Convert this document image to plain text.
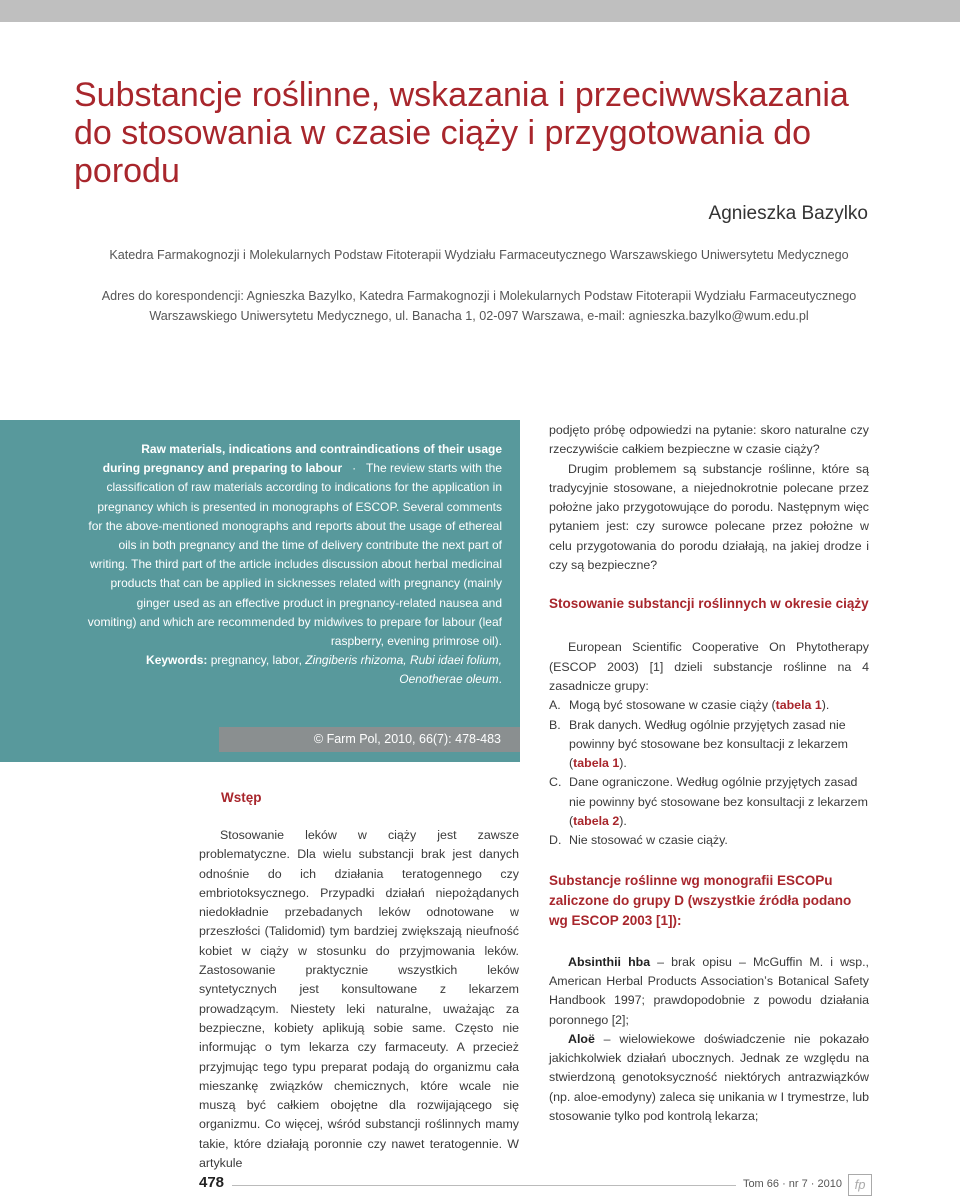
Substancje roślinne, wskazania i przeciwwskazania do stosowania w czasie ciąży i przygotowania do porodu
Agnieszka Bazylko
Katedra Farmakognozji i Molekularnych Podstaw Fitoterapii Wydziału Farmaceutycznego Warszawskiego Uniwersytetu Medycznego
Adres do korespondencji: Agnieszka Bazylko, Katedra Farmakognozji i Molekularnych Podstaw Fitoterapii Wydziału Farmaceutycznego
Warszawskiego Uniwersytetu Medycznego, ul. Banacha 1, 02-097 Warszawa, e-mail: agnieszka.bazylko@wum.edu.pl
Raw materials, indications and contraindications of their usage
during pregnancy and preparing to labour · The review starts with the classification of raw materials according to indications for the application in pregnancy which is presented in monographs of ESCOP. Several comments for the above-mentioned monographs and reports about the usage of ethereal oils in both pregnancy and the time of delivery contribute the next part of writing. The third part of the article includes discussion about herbal medicinal products that can be applied in sicknesses related with pregnancy (mainly ginger used as an effective product in pregnancy-related nausea and vomiting) and which are recommended by midwives to prepare for labour (leaf raspberry, evening primrose oil).
Keywords: pregnancy, labor, Zingiberis rhizoma, Rubi idaei folium, Oenotherae oleum.
© Farm Pol, 2010, 66(7): 478-483
Wstęp

Stosowanie leków w ciąży jest zawsze problematyczne. Dla wielu substancji brak jest danych odnośnie do ich działania teratogennego czy embriotoksycznego. Przypadki działań niepożądanych niedokładnie przebadanych leków odnotowane w przeszłości (Talidomid) tym bardziej zwiększają nieufność kobiet w ciąży w stosunku do przyjmowania leków. Zastosowanie praktycznie wszystkich leków syntetycznych jest konsultowane z lekarzem prowadzącym. Niestety leki naturalne, uważając za bezpieczne, kobiety aplikują sobie same. Często nie informując o tym lekarza czy farmaceuty. A przecież przyjmując tego typu preparat podają do organizmu cała mieszankę związków chemicznych, które wcale nie muszą być całkiem obojętne dla rozwijającego się organizmu. Co więcej, wśród substancji roślinnych mamy takie, które działają poronnie czy nawet teratogennie. W artykule

podjęto próbę odpowiedzi na pytanie: skoro naturalne czy rzeczywiście całkiem bezpieczne w czasie ciąży?

Drugim problemem są substancje roślinne, które są tradycyjnie stosowane, a niejednokrotnie polecane przez położne jako przygotowujące do porodu. Następnym więc pytaniem jest: czy surowce polecane przez położne w celu przygotowania do porodu działają, na jakiej drodze i czy są bezpieczne?

Stosowanie substancji roślinnych w okresie ciąży

European Scientific Cooperative On Phytotherapy (ESCOP 2003) [1] dzieli substancje roślinne na 4 zasadnicze grupy:

A. Mogą być stosowane w czasie ciąży (tabela 1).
B. Brak danych. Według ogólnie przyjętych zasad nie powinny być stosowane bez konsultacji z lekarzem (tabela 1).
C. Dane ograniczone. Według ogólnie przyjętych zasad nie powinny być stosowane bez konsultacji z lekarzem (tabela 2).
D. Nie stosować w czasie ciąży.
Substancje roślinne wg monografii ESCOPu zaliczone do grupy D (wszystkie źródła podano wg ESCOP 2003 [1]):

Absinthii hba – brak opisu – McGuffin M. i wsp., American Herbal Products Associationʼs Botanical Safety Handbook 1997; prawdopodobnie z powodu działania poronnego [2];

Aloë – wielowiekowe doświadczenie nie pokazało jakichkolwiek działań ubocznych. Jednak ze względu na stwierdzoną genotoksyczność niektórych antrazwiązków (np. aloe-emodyny) zaleca się unikania w I trymestrze, lub stosowanie tylko pod kontrolą lekarza;

478	Tom 66 · nr 7 · 2010 fp
